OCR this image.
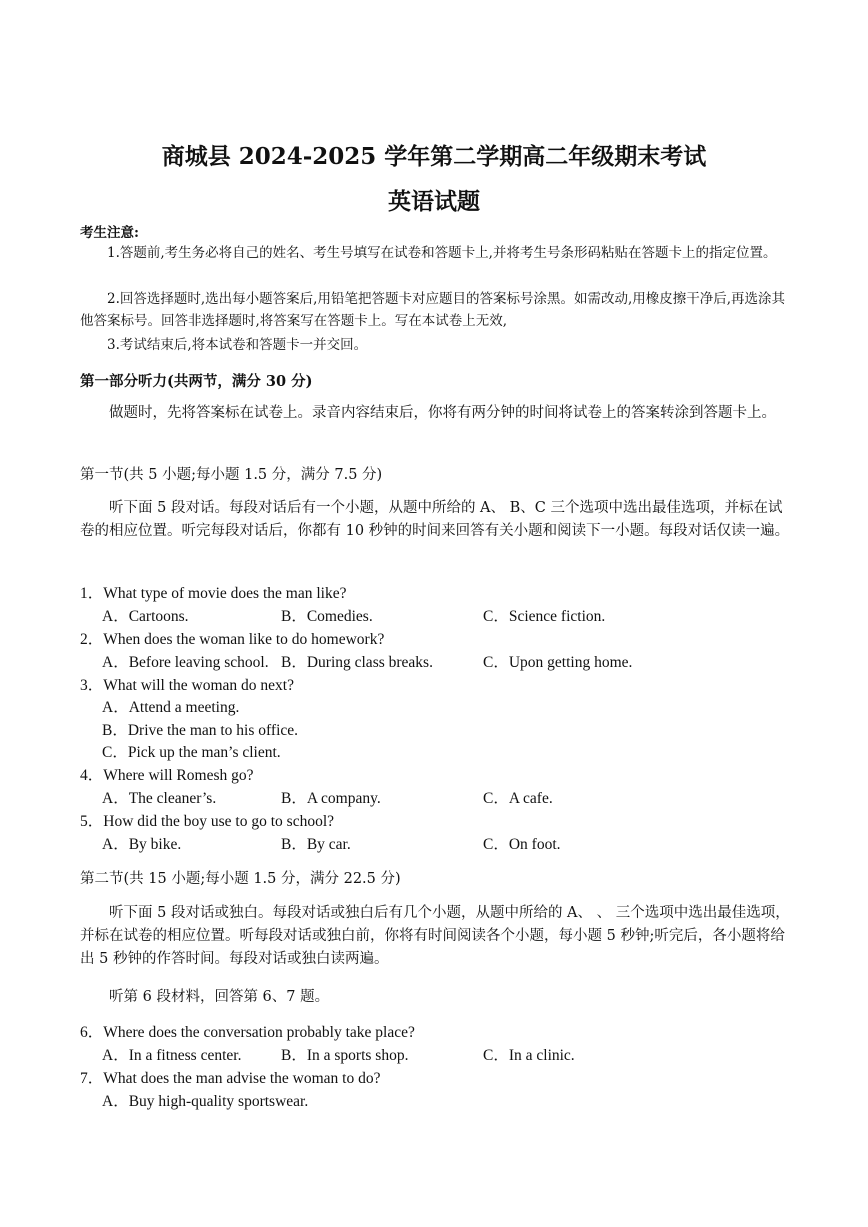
商城县 2024-2025 学年第二学期高二年级期末考试
英语试题
考生注意:
1.答题前,考生务必将自己的姓名、考生号填写在试卷和答题卡上,并将考生号条形码粘贴在答题卡上的指定位置。
2.回答选择题时,选出每小题答案后,用铅笔把答题卡对应题目的答案标号涂黑。如需改动,用橡皮擦干净后,再选涂其他答案标号。回答非选择题时,将答案写在答题卡上。写在本试卷上无效,
3.考试结束后,将本试卷和答题卡一并交回。
第一部分听力(共两节，满分 30 分)
做题时，先将答案标在试卷上。录音内容结束后，你将有两分钟的时间将试卷上的答案转涂到答题卡上。
第一节(共 5 小题;每小题 1.5 分，满分 7.5 分)
听下面 5 段对话。每段对话后有一个小题，从题中所给的 A、 B、C 三个选项中选出最佳选项，并标在试卷的相应位置。听完每段对话后，你都有 10 秒钟的时间来回答有关小题和阅读下一小题。每段对话仅读一遍。
1．What type of movie does the man like?
A．Cartoons.	B．Comedies.	C．Science fiction.
2．When does the woman like to do homework?
A．Before leaving school. B．During class breaks.	C．Upon getting home.
3．What will the woman do next?
A．Attend a meeting.
B．Drive the man to his office.
C．Pick up the man’s client.
4．Where will Romesh go?
A．The cleaner’s.	B．A company.	C．A cafe.
5．How did the boy use to go to school?
A．By bike.	B．By car.	C．On foot.
第二节(共 15 小题;每小题 1.5 分，满分 22.5 分)
听下面 5 段对话或独白。每段对话或独白后有几个小题，从题中所给的 A、 、 三个选项中选出最佳选项，并标在试卷的相应位置。听每段对话或独白前，你将有时间阅读各个小题，每小题 5 秒钟;听完后，各小题将给出 5 秒钟的作答时间。每段对话或独白读两遍。
听第 6 段材料，回答第 6、7 题。
6．Where does the conversation probably take place?
A．In a fitness center.	B．In a sports shop.	C．In a clinic.
7．What does the man advise the woman to do?
A．Buy high-quality sportswear.
